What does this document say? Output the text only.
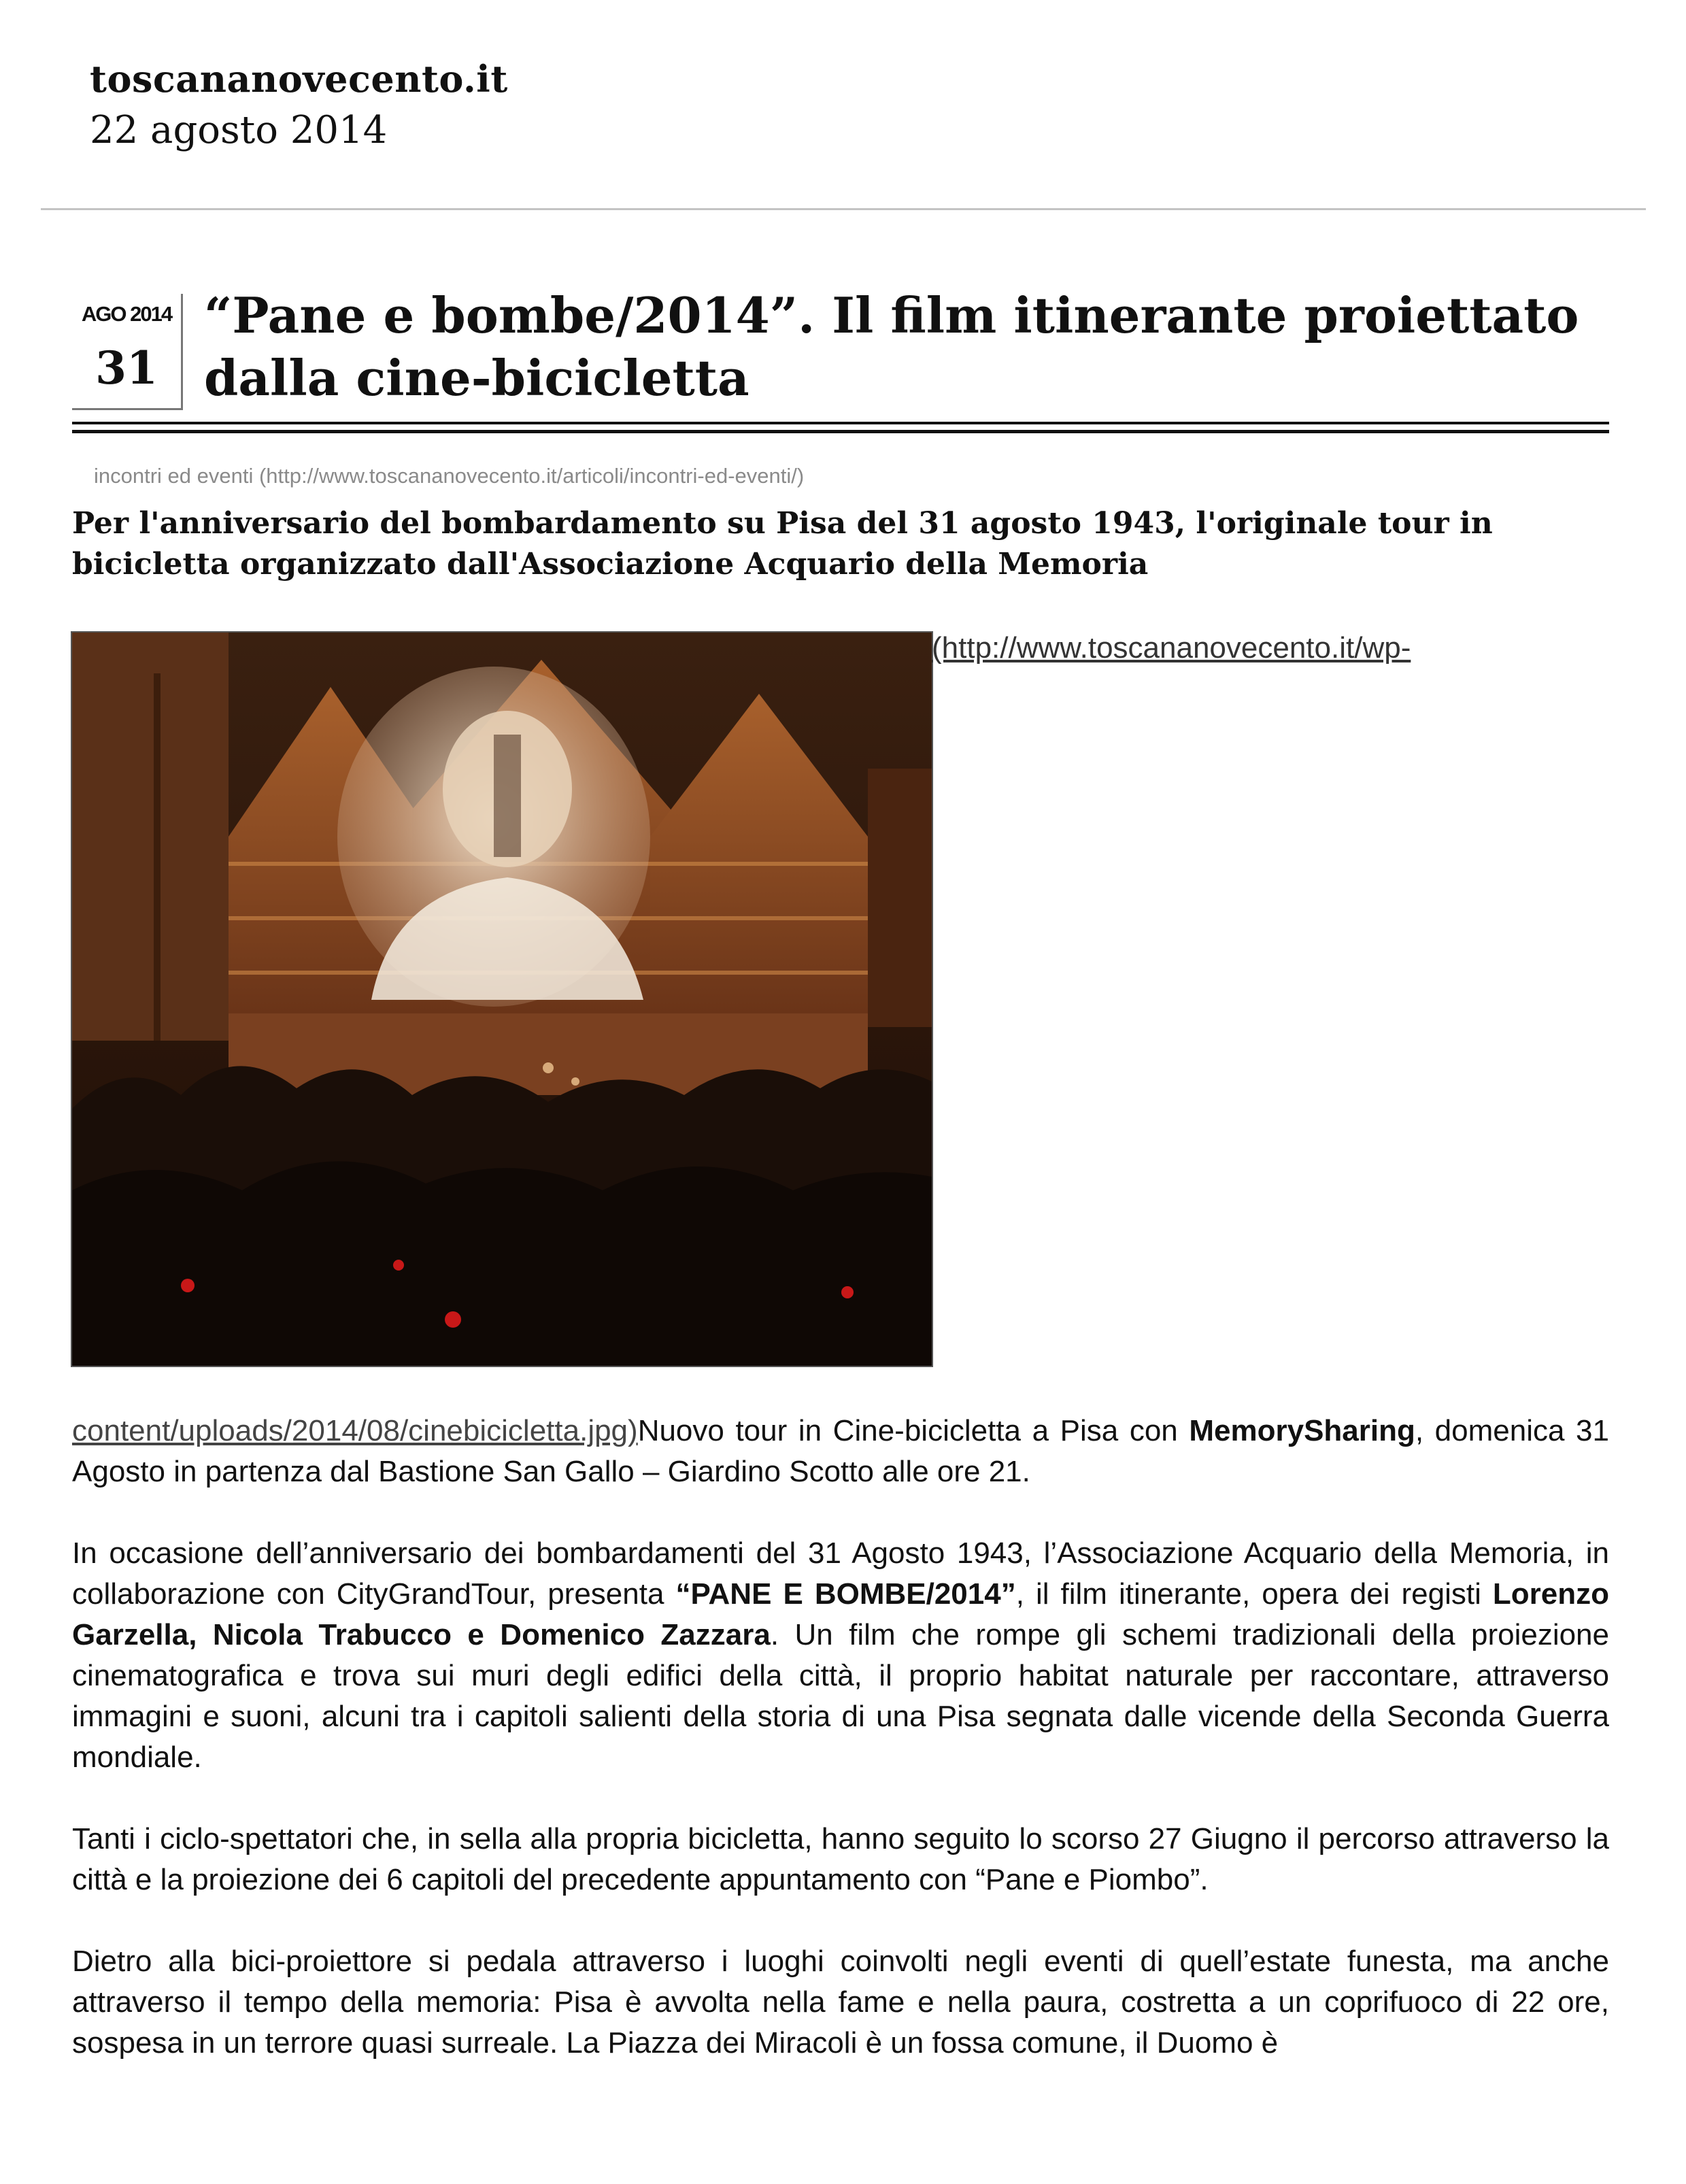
toscananovecento.it
22 agosto 2014
AGO 2014
31
“Pane e bombe/2014”. Il film itinerante proiettato dalla cine-bicicletta
incontri ed eventi (http://www.toscananovecento.it/articoli/incontri-ed-eventi/)
Per l'anniversario del bombardamento su Pisa del 31 agosto 1943, l'originale tour in bicicletta organizzato dall'Associazione Acquario della Memoria
(http://www.toscananovecento.it/wp-

content/uploads/2014/08/cinebicicletta.jpg)Nuovo tour in Cine-bicicletta a Pisa con MemorySharing, domenica 31 Agosto in partenza dal Bastione San Gallo – Giardino Scotto alle ore 21.

In occasione dell’anniversario dei bombardamenti del 31 Agosto 1943, l’Associazione Acquario della Memoria, in collaborazione con CityGrandTour, presenta “PANE E BOMBE/2014”, il film itinerante, opera dei registi Lorenzo Garzella, Nicola Trabucco e Domenico Zazzara. Un film che rompe gli schemi tradizionali della proiezione cinematografica e trova sui muri degli edifici della città, il proprio habitat naturale per raccontare, attraverso immagini e suoni, alcuni tra i capitoli salienti della storia di una Pisa segnata dalle vicende della Seconda Guerra mondiale.

Tanti i ciclo-spettatori che, in sella alla propria bicicletta, hanno seguito lo scorso 27 Giugno il percorso attraverso la città e la proiezione dei 6 capitoli del precedente appuntamento con “Pane e Piombo”.

Dietro alla bici-proiettore si pedala attraverso i luoghi coinvolti negli eventi di quell’estate funesta, ma anche attraverso il tempo della memoria: Pisa è avvolta nella fame e nella paura, costretta a un coprifuoco di 22 ore, sospesa in un terrore quasi surreale. La Piazza dei Miracoli è un fossa comune, il Duomo è
